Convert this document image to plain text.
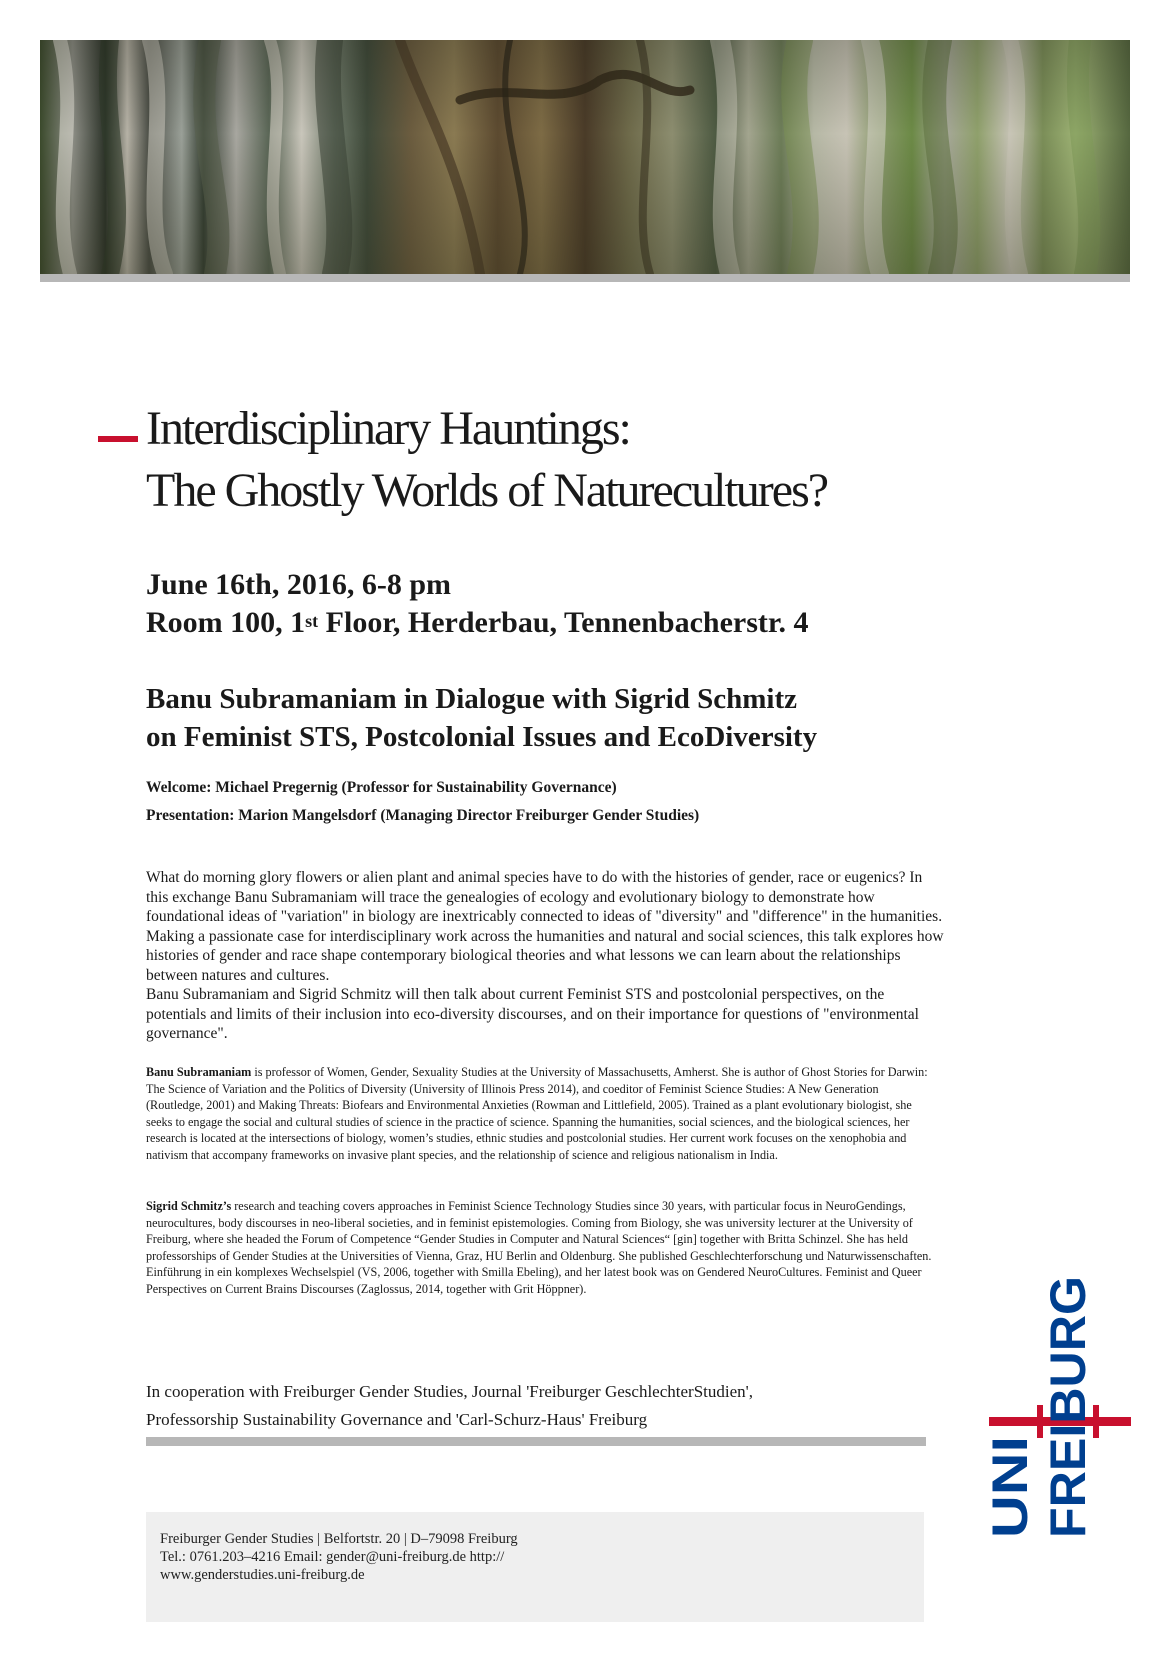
Interdisciplinary Hauntings:
The Ghostly Worlds of Naturecultures?
June 16th, 2016, 6-8 pm
Room 100, 1st Floor, Herderbau, Tennenbacherstr. 4
Banu Subramaniam in Dialogue with Sigrid Schmitz
on Feminist STS, Postcolonial Issues and EcoDiversity
Welcome: Michael Pregernig (Professor for Sustainability Governance)
Presentation: Marion Mangelsdorf (Managing Director Freiburger Gender Studies)

What do morning glory flowers or alien plant and animal species have to do with the histories of gender, race or eugenics? In this exchange Banu Subramaniam will trace the genealogies of ecology and evolutionary biology to demonstrate how foundational ideas of "variation" in biology are inextricably connected to ideas of "diversity" and "difference" in the humanities. Making a passionate case for interdisciplinary work across the humanities and natural and social sciences, this talk explores how histories of gender and race shape contemporary biological theories and what lessons we can learn about the relationships between natures and cultures.

Banu Subramaniam and Sigrid Schmitz will then talk about current Feminist STS and postcolonial perspectives, on the potentials and limits of their inclusion into eco-diversity discourses, and on their importance for questions of "environmental governance".

Banu Subramaniam is professor of Women, Gender, Sexuality Studies at the University of Massachusetts, Amherst. She is author of Ghost Stories for Darwin: The Science of Variation and the Politics of Diversity (University of Illinois Press 2014), and coeditor of Feminist Science Studies: A New Generation (Routledge, 2001) and Making Threats: Biofears and Environmental Anxieties (Rowman and Littlefield, 2005). Trained as a plant evolutionary biologist, she seeks to engage the social and cultural studies of science in the practice of science. Spanning the humanities, social sciences, and the biological sciences, her research is located at the intersections of biology, women’s studies, ethnic studies and postcolonial studies. Her current work focuses on the xenophobia and nativism that accompany frameworks on invasive plant species, and the relationship of science and religious nationalism in India.

Sigrid Schmitz’s research and teaching covers approaches in Feminist Science Technology Studies since 30 years, with particular focus in NeuroGendings, neurocultures, body discourses in neo-liberal societies, and in feminist epistemologies. Coming from Biology, she was university lecturer at the University of Freiburg, where she headed the Forum of Competence “Gender Studies in Computer and Natural Sciences“ [gin] together with Britta Schinzel. She has held professorships of Gender Studies at the Universities of Vienna, Graz, HU Berlin and Oldenburg. She published Geschlechterforschung und Naturwissenschaften. Einführung in ein komplexes Wechselspiel (VS, 2006, together with Smilla Ebeling), and her latest book was on Gendered NeuroCultures. Feminist and Queer Perspectives on Current Brains Discourses (Zaglossus, 2014, together with Grit Höppner).

In cooperation with Freiburger Gender Studies, Journal 'Freiburger GeschlechterStudien',
Professorship Sustainability Governance and 'Carl-Schurz-Haus' Freiburg
Freiburger Gender Studies | Belfortstr. 20 | D–79098 Freiburg
Tel.: 0761.203–4216 Email: gender@uni-freiburg.de http://
www.genderstudies.uni-freiburg.de
UNI FREIBURG
